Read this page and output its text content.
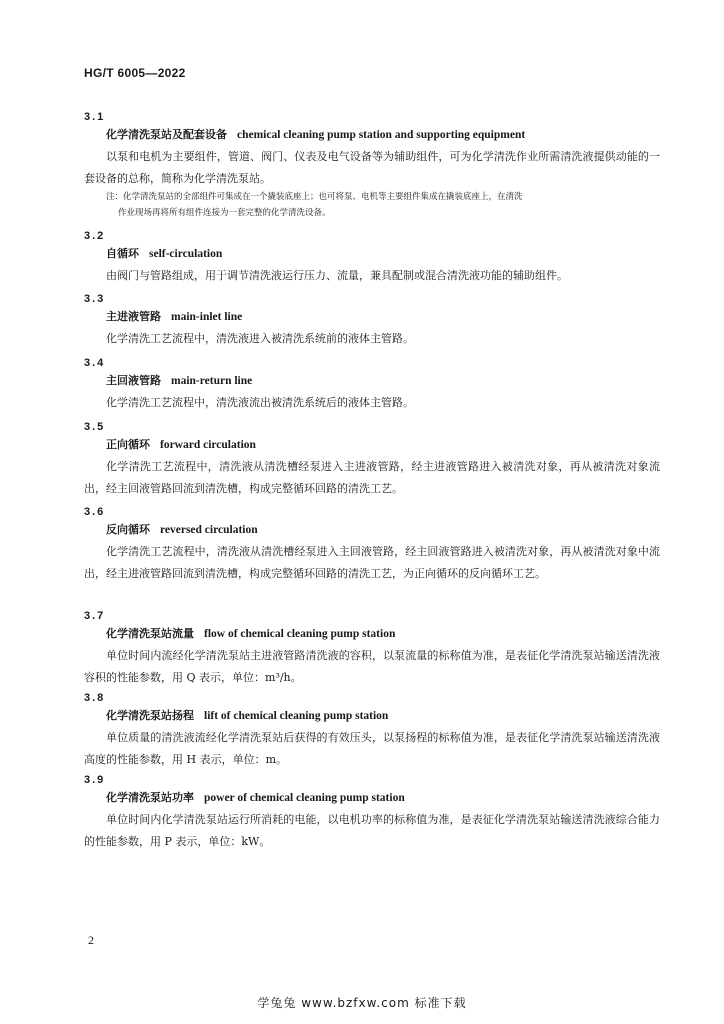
HG/T 6005—2022
3.1
化学清洗泵站及配套设备 chemical cleaning pump station and supporting equipment
以泵和电机为主要组件，管道、阀门、仪表及电气设备等为辅助组件，可为化学清洗作业所需清洗液提供动能的一套设备的总称，简称为化学清洗泵站。
注：化学清洗泵站的全部组件可集成在一个撬装底座上；也可将泵、电机等主要组件集成在撬装底座上，在清洗
作业现场再将所有组件连接为一套完整的化学清洗设备。
3.2
自循环 self-circulation
由阀门与管路组成，用于调节清洗液运行压力、流量，兼具配制或混合清洗液功能的辅助组件。
3.3
主进液管路 main-inlet line
化学清洗工艺流程中，清洗液进入被清洗系统前的液体主管路。
3.4
主回液管路 main-return line
化学清洗工艺流程中，清洗液流出被清洗系统后的液体主管路。
3.5
正向循环 forward circulation
化学清洗工艺流程中，清洗液从清洗槽经泵进入主进液管路，经主进液管路进入被清洗对象，再从被清洗对象流出，经主回液管路回流到清洗槽，构成完整循环回路的清洗工艺。
3.6
反向循环 reversed circulation
化学清洗工艺流程中，清洗液从清洗槽经泵进入主回液管路，经主回液管路进入被清洗对象，再从被清洗对象中流出，经主进液管路回流到清洗槽，构成完整循环回路的清洗工艺，为正向循环的反向循环工艺。
3.7
化学清洗泵站流量 flow of chemical cleaning pump station
单位时间内流经化学清洗泵站主进液管路清洗液的容积，以泵流量的标称值为准，是表征化学清洗泵站输送清洗液容积的性能参数，用 Q 表示，单位：m³/h。
3.8
化学清洗泵站扬程 lift of chemical cleaning pump station
单位质量的清洗液流经化学清洗泵站后获得的有效压头，以泵扬程的标称值为准，是表征化学清洗泵站输送清洗液高度的性能参数，用 H 表示，单位：m。
3.9
化学清洗泵站功率 power of chemical cleaning pump station
单位时间内化学清洗泵站运行所消耗的电能，以电机功率的标称值为准，是表征化学清洗泵站输送清洗液综合能力的性能参数，用 P 表示，单位：kW。
2
学兔兔 www.bzfxw.com 标准下载
